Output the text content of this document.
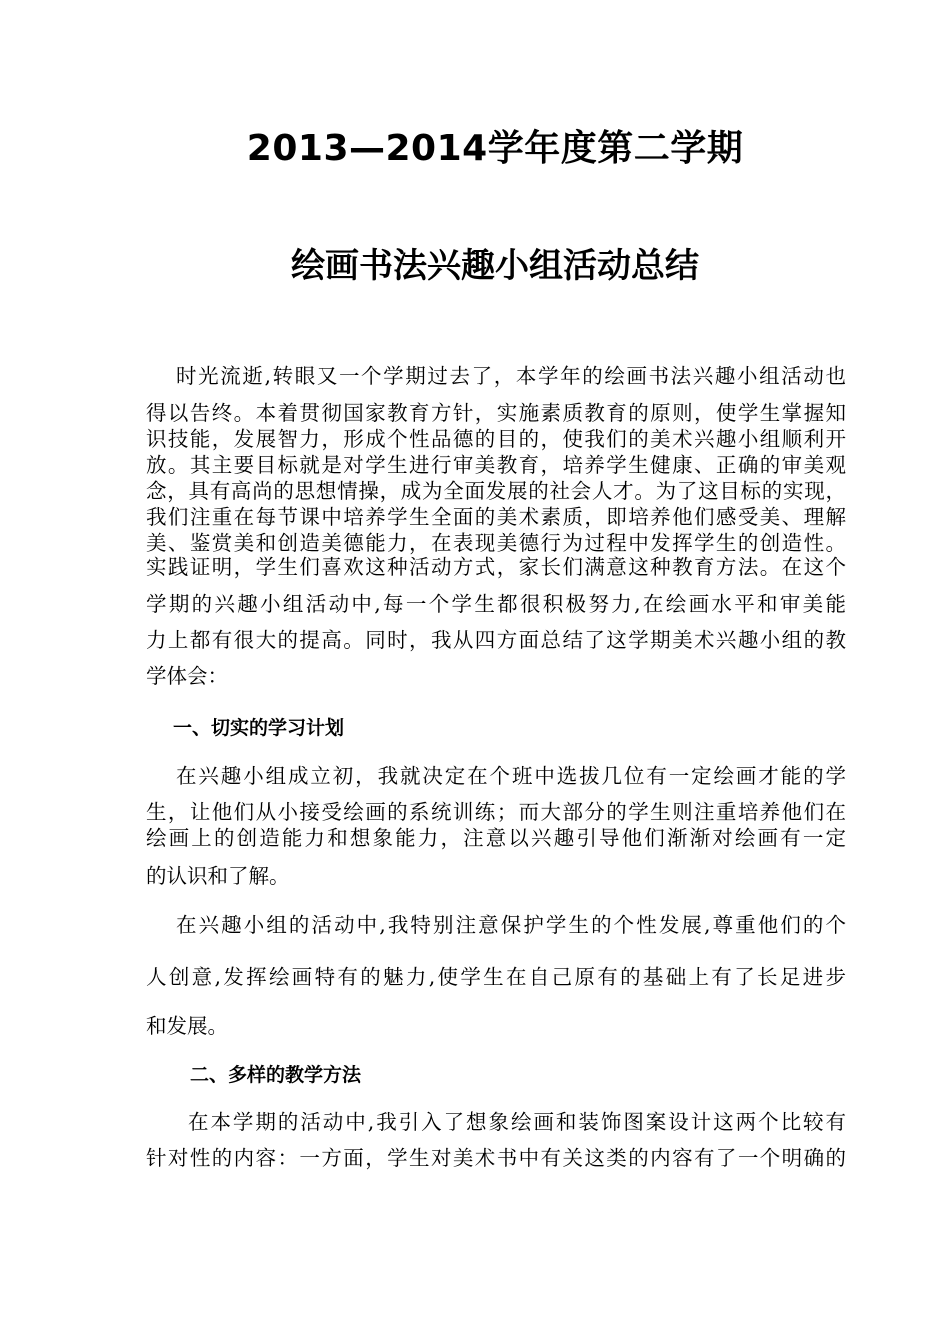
2013—2014学年度第二学期
绘画书法兴趣小组活动总结
时光流逝,转眼又一个学期过去了，本学年的绘画书法兴趣小组活动也
得以告终。本着贯彻国家教育方针，实施素质教育的原则，使学生掌握知
识技能，发展智力，形成个性品德的目的，使我们的美术兴趣小组顺利开
放。其主要目标就是对学生进行审美教育，培养学生健康、正确的审美观
念，具有高尚的思想情操，成为全面发展的社会人才。为了这目标的实现，
我们注重在每节课中培养学生全面的美术素质，即培养他们感受美、理解
美、鉴赏美和创造美德能力，在表现美德行为过程中发挥学生的创造性。
实践证明，学生们喜欢这种活动方式，家长们满意这种教育方法。在这个
学期的兴趣小组活动中,每一个学生都很积极努力,在绘画水平和审美能
力上都有很大的提高。同时，我从四方面总结了这学期美术兴趣小组的教
学体会：
一、切实的学习计划
在兴趣小组成立初，我就决定在个班中选拔几位有一定绘画才能的学
生，让他们从小接受绘画的系统训练；而大部分的学生则注重培养他们在
绘画上的创造能力和想象能力，注意以兴趣引导他们渐渐对绘画有一定
的认识和了解。
在兴趣小组的活动中,我特别注意保护学生的个性发展,尊重他们的个
人创意,发挥绘画特有的魅力,使学生在自己原有的基础上有了长足进步
和发展。
二、多样的教学方法
在本学期的活动中,我引入了想象绘画和装饰图案设计这两个比较有
针对性的内容：一方面，学生对美术书中有关这类的内容有了一个明确的
